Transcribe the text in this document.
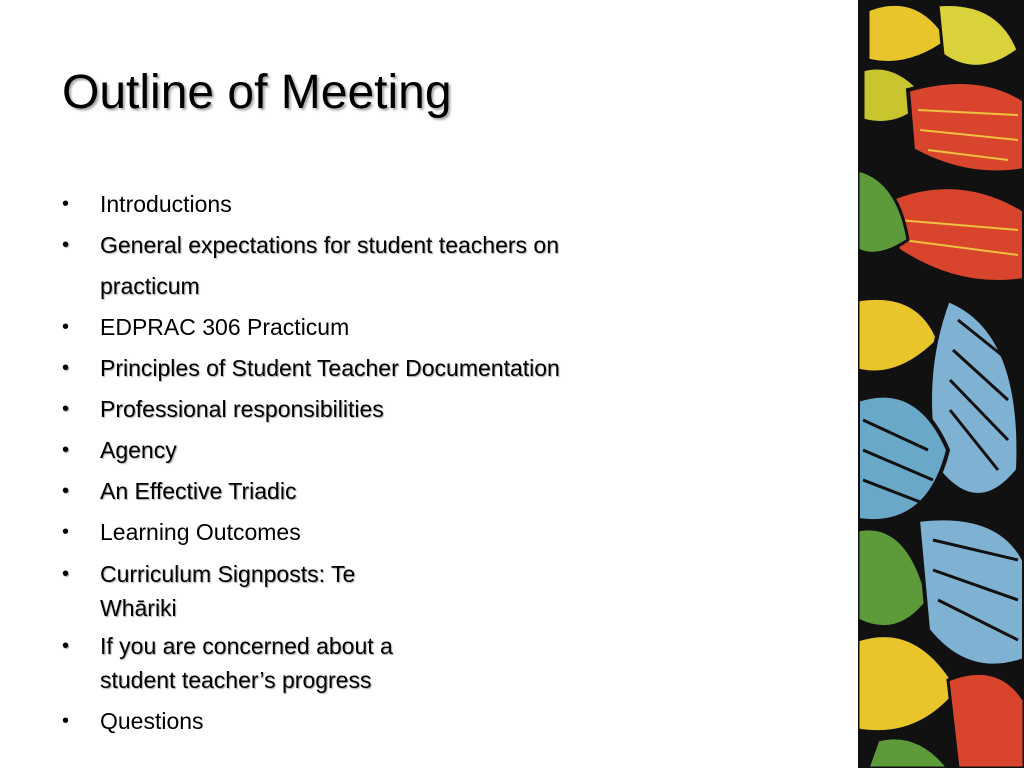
Outline of Meeting
• Introductions
• General expectations for student teachers on
practicum
• EDPRAC 306 Practicum
• Principles of Student Teacher Documentation
• Professional responsibilities
• Agency
• An Effective Triadic
• Learning Outcomes
• Curriculum Signposts: Te
Whāriki
• If you are concerned about a
student teacher’s progress
• Questions
